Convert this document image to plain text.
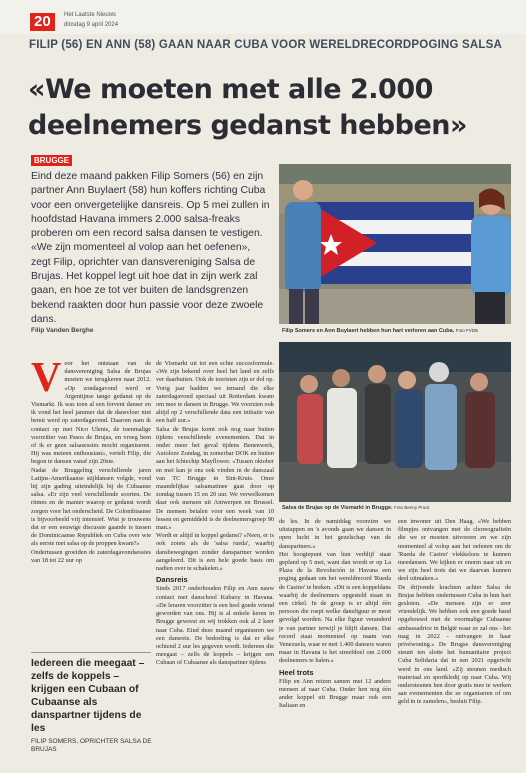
20	Het Laatste Nieuws
dinsdag 9 april 2024
FILIP (56) EN ANN (58) GAAN NAAR CUBA VOOR WERELDRECORDPOGING SALSA
«We moeten met alle 2.000
deelnemers gedanst hebben»
BRUGGE
Eind deze maand pakken Filip Somers (56) en zijn partner Ann Buylaert (58) hun koffers richting Cuba voor een onvergetelijke dansreis. Op 5 mei zullen in hoofdstad Havana immers 2.000 salsa-freaks proberen om een record salsa dansen te vestigen. «We zijn momenteel al volop aan het oefenen», zegt Filip, oprichter van dansvereniging Salsa de Brujas. Het koppel legt uit hoe dat in zijn werk zal gaan, en hoe ze tot ver buiten de landsgrenzen bekend raakten door hun passie voor deze zwoele dans.
Filip Vanden Berghe	Filip Somers en Ann Buylaert hebben hun hart verloren aan Cuba. Foto FVDB
Salsa de Brujas op de Vismarkt in Brugge. Foto Benny Proot
V oor het ontstaan van de dansvereniging Salsa de Brujas moeten we terugkeren naar 2012. «Op zondagavond werd er Argentijnse tango gedanst op de Vismarkt. Ik was toen al een fervent danser en ik vond het heel jammer dat de dansvloer niet benut werd op zaterdagavond. Daarom nam ik contact op met Nico Ulenis, de toenmalige voorzitter van Pasos de Brujas, en vroeg hem of ik er geen salsasessies mocht organiseren. Hij was meteen enthousiast», vertelt Filip, die begon te dansen vanaf zijn 20ste.

Nadat de Bruggeling verschillende jaren Latijns-Amerikaanse stijldansen volgde, vond hij zijn gading uiteindelijk bij de Cubaanse salsa. «Er zijn veel verschillende soorten. De ritmes en de manier waarop er gedanst wordt zorgen voor het onderscheid. De Colombiaanse is bijvoorbeeld vrij intensief. Wist je trouwens dat er een eeuwige discussie gaande is tussen de Dominicaanse Republiek en Cuba over wie als eerste met salsa op de proppen kwam?»

Ondertussen groeiden de zaterdagavondsessies van 18 tot 22 uur op

Iedereen die meegaat – zelfs de koppels – krijgen een Cubaan of Cubaanse als danspartner tijdens de les
FILIP SOMERS, OPRICHTER SALSA DE BRUJAS

de Vismarkt uit tot een echte succesformule. «We zijn bekend over heel het land en zelfs ver daarbuiten. Ook de toeristen zijn er dol op. Vorig jaar hadden we iemand die elke zaterdagavond speciaal uit Rotterdam kwam om mee te dansen in Brugge. We voorzien ook altijd op 2 verschillende data een initiatie van een half uur.»

Salsa de Brujas komt ook nog naar buiten tijdens verschillende evenementen. Dat in onder meer het geval tijdens Benenwerk, Autoloze Zondag, in zomerbar DOK en buiten aan het Ichtechip Mayflower. «Tussen oktober en mei kan je ons ook vinden in de danszaal van TC Brugge in Sint-Kruis. Onze maandelijkse salsamatinee gaat door op zondag tussen 15 en 20 uur. We verwelkomen daar ook mensen uit Antwerpen en Brussel. De mensen betalen voor een week van 10 lessen en gemiddeld is de deelnemersgroep 90 man.»

Wordt er altijd in koppel gedanst? «Neen, er is ook zoiets als de 'salsa rueda', waarbij dansbewegingen zonder danspartner worden aangeleerd. Dit is een hele goede basis om nadien over te schakelen.»

Dansreis

Sinds 2017 onderhouden Filip en Ann nauw contact met danschool Kubaoy in Havana. «De leraren voorzitter is een heel goede vriend geworden van ons. Hij is al enkele keren in Brugge geweest en wij trokken ook al 2 keer naar Cuba. Eind deze maand organiseren we een dansreis. De bedoeling is dat er elke ochtend 2 uur les gegeven wordt. Iedereen die meegaat – zelfs de koppels – krijgen een Cubaan of Cubaanse als danspartner tijdens

de les. In de namiddag voorzien we uitstappen en 's avonds gaan we dansen in open lucht in het gezelschap van de danspartners.»

Het hoogtepunt van hun verblijf staat gepland op 5 mei, want dan wordt er op La Plaza de la Revolución in Havana een poging gedaan om het wereldrecord 'Rueda de Casino' te breken. «Dit is een koppeldans waarbij de deelnemers opgesteld staan in een cirkel. In de groep is er altijd één persoon die roept welke dansfiguur er moet gevolgd worden. Na elke figuur veranderd je van partner terwijl je blijft dansen. Dat record staat momenteel op naam van Venezuela, waar er met 1.400 dansers waren maar in Havana is het streefdoel om 2.000 deelnemers te halen.»

Heel trots

Filip en Ann reizen samen met 12 andere mensen af naar Cuba. Onder hen nog één ander koppel uit Brugge maar ook een Italiaan en

een inwoner uit Den Haag. «We hebben filmpjes ontvangen met de choreografieën die we er moeten uitvoeren en we zijn momenteel al volop aan het oefenen om de 'Rueda de Casino' vlekkeloos te kunnen meedansen. We kijken er enorm naar uit en we zijn heel trots dat we daarvan kunnen deel uitmaken.»

De drijvende krachten achter Salsa de Brujas hebben ondertussen Cuba in hun hart gesloten. «De mensen zijn er zeer vriendelijk. We hebben ook een goede band opgebouwd met de voormalige Cubaanse ambassadrice in België waar ze zal ons - het mag in 2022 - ontvangen in haar privéwoning.» De Brugse dansvereniging steunt ten slotte het humanitaire project Cuba Solidaria dat in een 2021 opgericht werd in ons land. «Zij steunen medisch materiaal en sportkledij op naar Cuba. Wij ondersteunen hen door gratis mee te werken aan evenementen die ze organiseren of om geld in te zamelen», besluit Filip.
